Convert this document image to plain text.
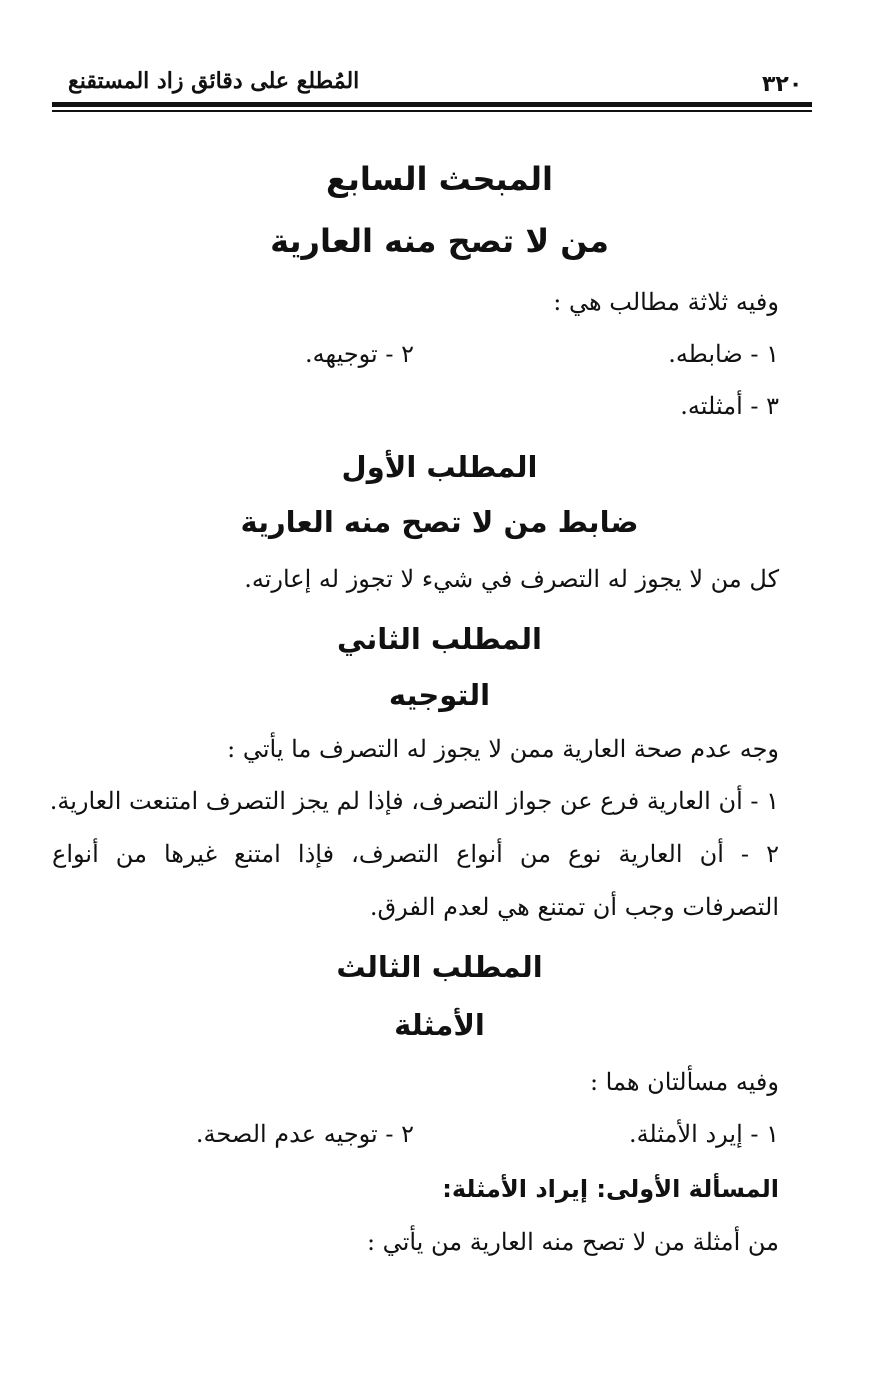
٣٢٠
المُطلع على دقائق زاد المستقنع
المبحث السابع
من لا تصح منه العارية
وفيه ثلاثة مطالب هي :
١ - ضابطه.
٢ - توجيهه.
٣ - أمثلته.
المطلب الأول
ضابط من لا تصح منه العارية
كل من لا يجوز له التصرف في شيء لا تجوز له إعارته.
المطلب الثاني
التوجيه
وجه عدم صحة العارية ممن لا يجوز له التصرف ما يأتي :
١ - أن العارية فرع عن جواز التصرف، فإذا لم يجز التصرف امتنعت العارية.
٢ - أن العارية نوع من أنواع التصرف، فإذا امتنع غيرها من أنواع
التصرفات وجب أن تمتنع هي لعدم الفرق.
المطلب الثالث
الأمثلة
وفيه مسألتان هما :
١ - إيرد الأمثلة.
٢ - توجيه عدم الصحة.
المسألة الأولى: إيراد الأمثلة:
من أمثلة من لا تصح منه العارية من يأتي :
